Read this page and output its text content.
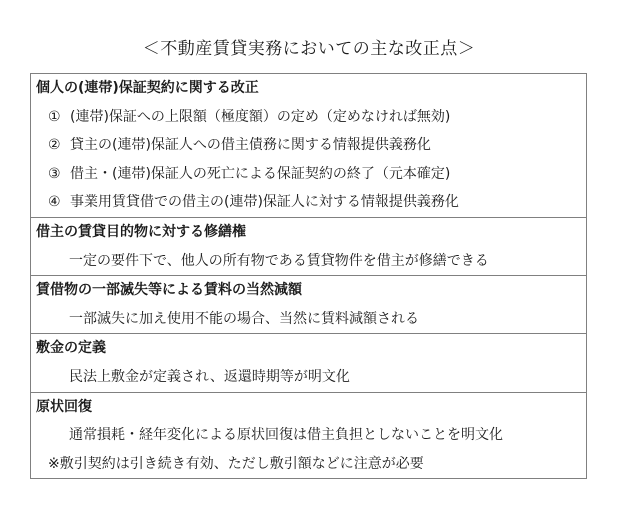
＜不動産賃貸実務においての主な改正点＞
個人の(連帯)保証契約に関する改正
① (連帯)保証への上限額（極度額）の定め（定めなければ無効)
② 貸主の(連帯)保証人への借主債務に関する情報提供義務化
③ 借主・(連帯)保証人の死亡による保証契約の終了（元本確定)
④ 事業用賃貸借での借主の(連帯)保証人に対する情報提供義務化
借主の賃貸目的物に対する修繕権
一定の要件下で、他人の所有物である賃貸物件を借主が修繕できる
賃借物の一部滅失等による賃料の当然減額
一部滅失に加え使用不能の場合、当然に賃料減額される
敷金の定義
民法上敷金が定義され、返還時期等が明文化
原状回復
通常損耗・経年変化による原状回復は借主負担としないことを明文化
※敷引契約は引き続き有効、ただし敷引額などに注意が必要
